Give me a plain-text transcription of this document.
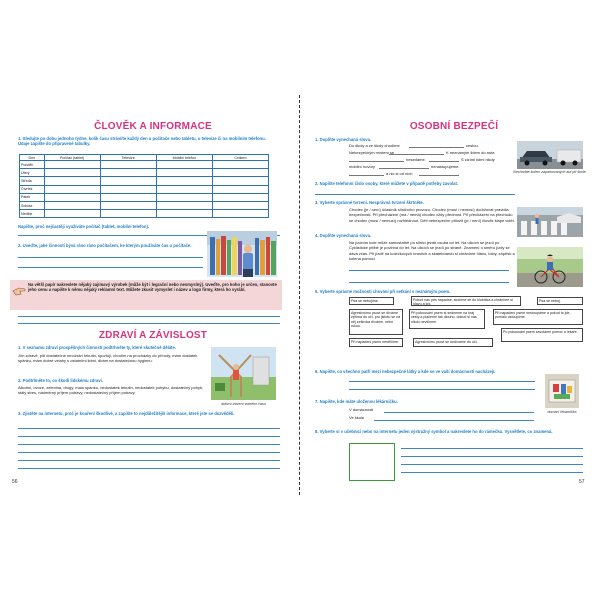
ČLOVĚK A INFORMACE
1. Sledujte po dobu jednoho týdne, kolik času stráví/te každý den u počítače nebo tabletu, u televize či na mobilním telefonu. Údaje zapište do připravené tabulky.
Den	Počítač (tablet)	Televize	Mobilní telefon	Celkem
Pondělí				
Úterý				
Středa				
Čtvrtek				
Pátek				
Sobota				
Neděle				
Napište, proč nejčastěji využíváte počítač (tablet, mobilní telefon).
2. Uveďte, jaké činnosti bývá ráno ráno počítačem, ke kterým používáte čas u počítače.
Na větší papír nakreslete nějaký zajímavý výrobek (může být i legrační nebo nesmyslný). Uveďte, pro koho je určen, stanovte jeho cenu a napište k němu nějaký reklamní text. Můžete zkusit vymyslet i název a logo firmy, která ho vyrábí.
ZDRAVÍ A ZÁVISLOST
1. V seznamu zdraví prospěšných činností podtrhněte ty, které skutečně děláte.
Jím zdravě, pití dostatečné množství tekutin, sportuji, chodím na procházky do přírody, mám dostatek spánku, mám dobré vztahy s ostatními lidmi, dbám na dostatečnou hygienu.
2. Podtrhněte to, co škodí lidskému zdraví.
Alkohol, ovoce, zelenina, drogy, malo spánku, nedostatek tekutin, nedostatek pohybu, dostatečný pohyb, stálý stres, nadměrný příjem potravy, nedostatečný příjem potravy.
aktivní trávení volného času
3. Zjistěte na internetu, proč je kouření škodlivé, a zapište to nejdůležitější informace, které jste se dozvěděli.
56
OSOBNÍ BEZPEČÍ
1. Doplňte vynechaná slova.
Do školy a ze školy chodíme	cestou.
Nebezpečným místem se	K neznámým lidem do auta
nesedáme.	S cizími lidmi nikdy
mobilní hovory	nenastupujeme.
a nic si od nich	Nechodíte kolem zaparkovaných aut při škole.
2. Napište telefonní číslo osoby, které můžete v případě potřeby zavolat.
3. Vyberte správné tvrzení. Nesprávná tvrzení škrtněte.
Chodec (je / není) účastník silničního provozu. Chodec (musí / nemusí) dodržovat pravidla bezpečnosti. Při přecházení (má / nemá) chodec vždy přednost. Při přecházení na přechodu se chodec (musí / nemusí) rozhlédnout. Děti nebezpečím přiložit (je / není) člověk šlápe vidět.
4. Doplňte vynechaná slova.
Na jízdním kole může samostatně po silnici jezdit osoba od let. Na ulicích se jezdí po Cyklistické přilbě je povinná do let. Na ulicích se jezdí po straně. Znamení o směru jízdy se dává včas. Při jízdě na kolečkových bruslích a skateboardu si chráníme hlavu, lokty, zápěstí a kolena pomocí
5. Vyberte správné možnosti chování při setkání s neznámým psem.
Psa se nebojíme.	Pokud nás pes napadne, stočíme se do klubíčka a chráníme si hlavu a krk.
Psa se neboj.
Agresivnímu psovi se díváme zpříma do očí, pro jistotu se na něj zeširoka díváme, nebo rukou.
Při pokousání psem si sedneme na kraj cesty a plačeme tak dlouho, dokud si nás nikdo nevšimne.
Při napadení psem nestoupáme a pokud to jde, pomalu ustoupíme.
Po pokousání psem zavoláme pomoc a lékaře.
Při napadení psem nestřílíme.	Agresivnímu psovi se nedíváme do očí.
6. Napište, co všechno patří mezi nebezpečné látky a kde se ve vaší domácnosti nacházejí.
domácí lékárnička
7. Napište, kde máte uloženou lékárničku.
V domácnosti
Ve škole
8. Vyberte si v učebnici nebo na internetu jeden výstražný symbol a nakreslete ho do rámečku. Vysvětlete, co znamená.
57
